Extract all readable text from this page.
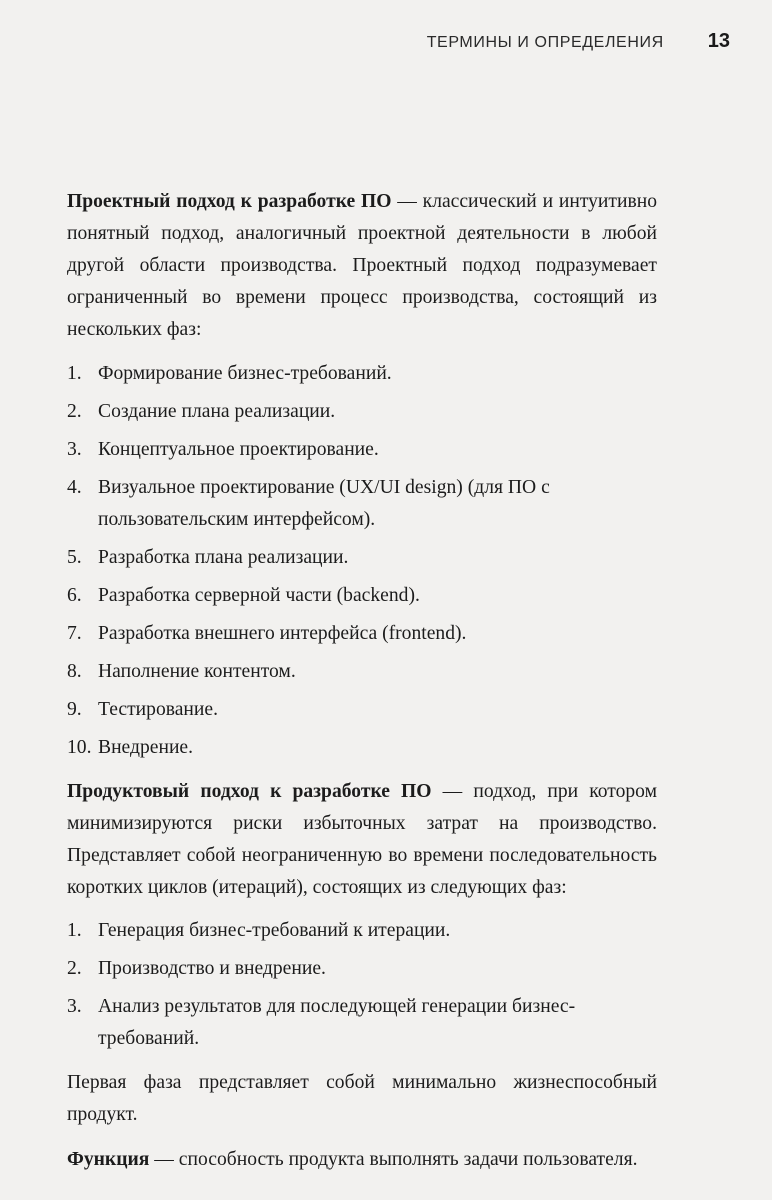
ТЕРМИНЫ И ОПРЕДЕЛЕНИЯ 13

Проектный подход к разработке ПО — классический и интуитивно понятный подход, аналогичный проектной деятельности в любой другой области производства. Проектный подход подразумевает ограниченный во времени процесс производства, состоящий из нескольких фаз:

1. Формирование бизнес-требований.
2. Создание плана реализации.
3. Концептуальное проектирование.
4. Визуальное проектирование (UX/UI design) (для ПО с пользовательским интерфейсом).
5. Разработка плана реализации.
6. Разработка серверной части (backend).
7. Разработка внешнего интерфейса (frontend).
8. Наполнение контентом.
9. Тестирование.
10. Внедрение.

Продуктовый подход к разработке ПО — подход, при котором минимизируются риски избыточных затрат на производство. Представляет собой неограниченную во времени последовательность коротких циклов (итераций), состоящих из следующих фаз:

1. Генерация бизнес-требований к итерации.
2. Производство и внедрение.
3. Анализ результатов для последующей генерации бизнес-требований.

Первая фаза представляет собой минимально жизнеспособный продукт.

Функция — способность продукта выполнять задачи пользователя.
